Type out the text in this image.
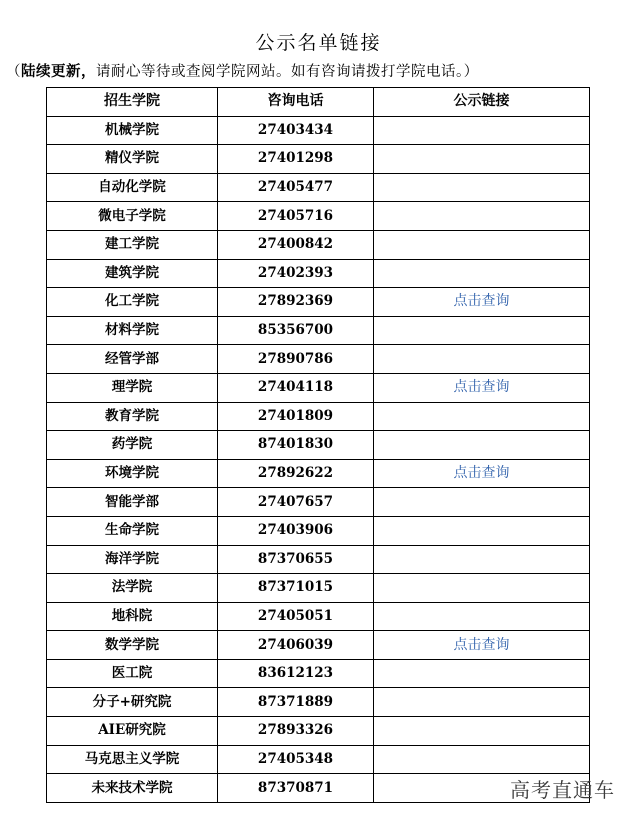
公示名单链接
（陆续更新，请耐心等待或查阅学院网站。如有咨询请拨打学院电话。）
招生学院	咨询电话	公示链接
机械学院	27403434	
精仪学院	27401298	
自动化学院	27405477	
微电子学院	27405716	
建工学院	27400842	
建筑学院	27402393	
化工学院	27892369	点击查询
材料学院	85356700	
经管学部	27890786	
理学院	27404118	点击查询
教育学院	27401809	
药学院	87401830	
环境学院	27892622	点击查询
智能学部	27407657	
生命学院	27403906	
海洋学院	87370655	
法学院	87371015	
地科院	27405051	
数学学院	27406039	点击查询
医工院	83612123	
分子+研究院	87371889	
AIE研究院	27893326	
马克思主义学院	27405348	
未来技术学院	87370871		高考直通车
